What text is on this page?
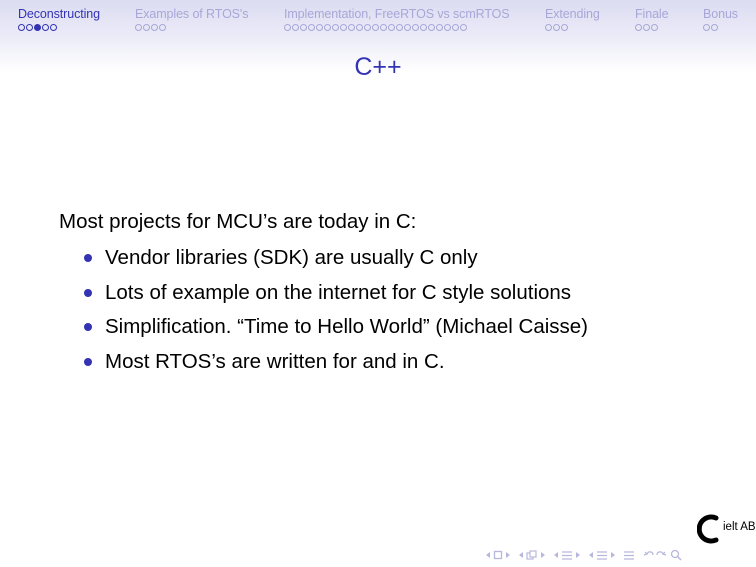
Deconstructing	Examples of RTOS's	Implementation, FreeRTOS vs scmRTOS	Extending	Finale	Bonus
C++
Most projects for MCU’s are today in C:
Vendor libraries (SDK) are usually C only
Lots of example on the internet for C style solutions
Simplification. “Time to Hello World” (Michael Caisse)
Most RTOS’s are written for and in C.
ielt AB
